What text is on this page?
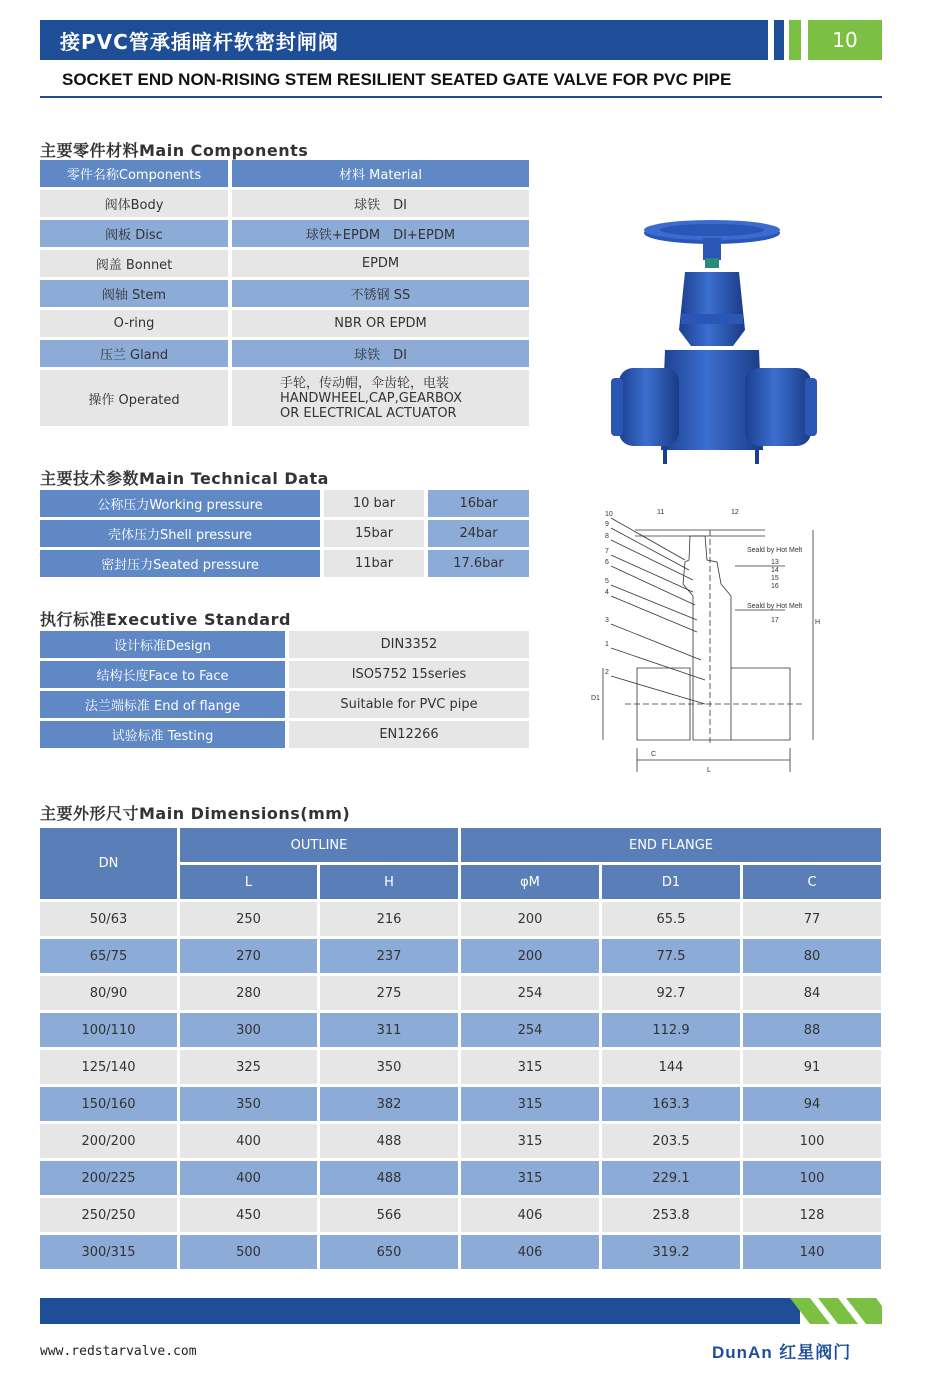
接PVC管承插暗杆软密封闸阀	10
SOCKET END NON-RISING STEM RESILIENT SEATED GATE VALVE FOR PVC PIPE
主要零件材料Main Components
零件名称Components	材料 Material
阀体Body	球铁　DI
阀板 Disc	球铁+EPDM　DI+EPDM
阀盖 Bonnet	EPDM
阀轴 Stem	不锈钢 SS
O-ring	NBR OR EPDM
压兰 Gland	球铁　DI
操作 Operated	手轮，传动帽，伞齿轮，电装
HANDWHEEL,CAP,GEARBOX
OR ELECTRICAL ACTUATOR
主要技术参数Main Technical Data
公称压力Working pressure	10 bar	16bar
壳体压力Shell pressure	15bar	24bar
密封压力Seated pressure	11bar	17.6bar
执行标准Executive Standard
设计标准Design	DIN3352
结构长度Face to Face	ISO5752 15series
法兰端标准 End of flange	Suitable for PVC pipe
试验标准 Testing	EN12266
10
9
8
7
6
5
4
3
1
2
11	12
13
14
15
16
17
Seald by Hot Melt
Seald by Hot Melt
D1
C
L
H
主要外形尺寸Main Dimensions(mm)
DN	OUTLINE		END FLANGE		
	L	H	φM	D1	C
50/63	250	216	200	65.5	77
65/75	270	237	200	77.5	80
80/90	280	275	254	92.7	84
100/110	300	311	254	112.9	88
125/140	325	350	315	144	91
150/160	350	382	315	163.3	94
200/200	400	488	315	203.5	100
200/225	400	488	315	229.1	100
250/250	450	566	406	253.8	128
300/315	500	650	406	319.2	140
www.redstarvalve.com	DunAn 红星阀门
